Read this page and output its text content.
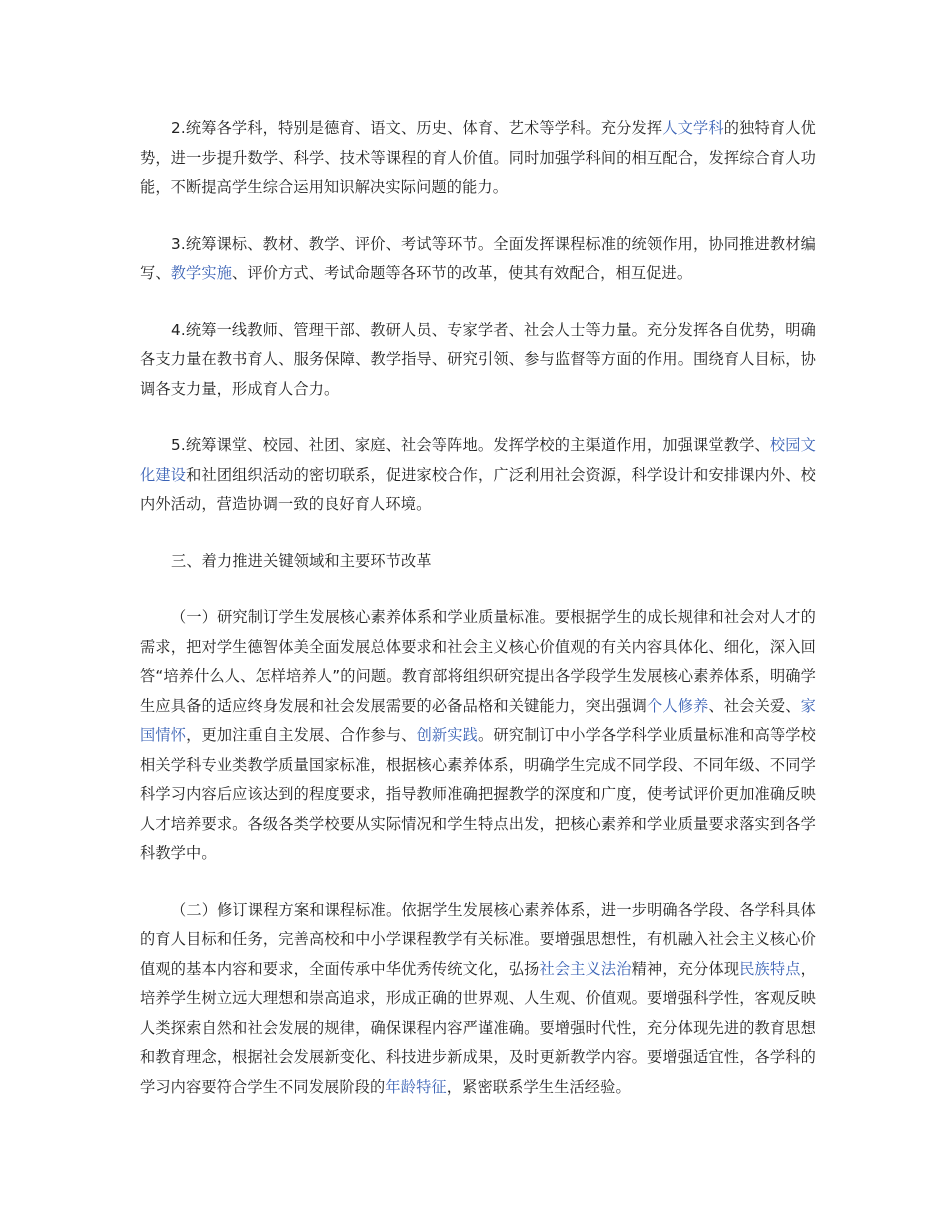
2.统筹各学科，特别是德育、语文、历史、体育、艺术等学科。充分发挥人文学科的独特育人优势，进一步提升数学、科学、技术等课程的育人价值。同时加强学科间的相互配合，发挥综合育人功能，不断提高学生综合运用知识解决实际问题的能力。

3.统筹课标、教材、教学、评价、考试等环节。全面发挥课程标准的统领作用，协同推进教材编写、教学实施、评价方式、考试命题等各环节的改革，使其有效配合，相互促进。

4.统筹一线教师、管理干部、教研人员、专家学者、社会人士等力量。充分发挥各自优势，明确各支力量在教书育人、服务保障、教学指导、研究引领、参与监督等方面的作用。围绕育人目标，协调各支力量，形成育人合力。

5.统筹课堂、校园、社团、家庭、社会等阵地。发挥学校的主渠道作用，加强课堂教学、校园文化建设和社团组织活动的密切联系，促进家校合作，广泛利用社会资源，科学设计和安排课内外、校内外活动，营造协调一致的良好育人环境。

三、着力推进关键领域和主要环节改革

（一）研究制订学生发展核心素养体系和学业质量标准。要根据学生的成长规律和社会对人才的需求，把对学生德智体美全面发展总体要求和社会主义核心价值观的有关内容具体化、细化，深入回答“培养什么人、怎样培养人”的问题。教育部将组织研究提出各学段学生发展核心素养体系，明确学生应具备的适应终身发展和社会发展需要的必备品格和关键能力，突出强调个人修养、社会关爱、家国情怀，更加注重自主发展、合作参与、创新实践。研究制订中小学各学科学业质量标准和高等学校相关学科专业类教学质量国家标准，根据核心素养体系，明确学生完成不同学段、不同年级、不同学科学习内容后应该达到的程度要求，指导教师准确把握教学的深度和广度，使考试评价更加准确反映人才培养要求。各级各类学校要从实际情况和学生特点出发，把核心素养和学业质量要求落实到各学科教学中。

（二）修订课程方案和课程标准。依据学生发展核心素养体系，进一步明确各学段、各学科具体的育人目标和任务，完善高校和中小学课程教学有关标准。要增强思想性，有机融入社会主义核心价值观的基本内容和要求，全面传承中华优秀传统文化，弘扬社会主义法治精神，充分体现民族特点，培养学生树立远大理想和崇高追求，形成正确的世界观、人生观、价值观。要增强科学性，客观反映人类探索自然和社会发展的规律，确保课程内容严谨准确。要增强时代性，充分体现先进的教育思想和教育理念，根据社会发展新变化、科技进步新成果，及时更新教学内容。要增强适宜性，各学科的学习内容要符合学生不同发展阶段的年龄特征，紧密联系学生生活经验。
